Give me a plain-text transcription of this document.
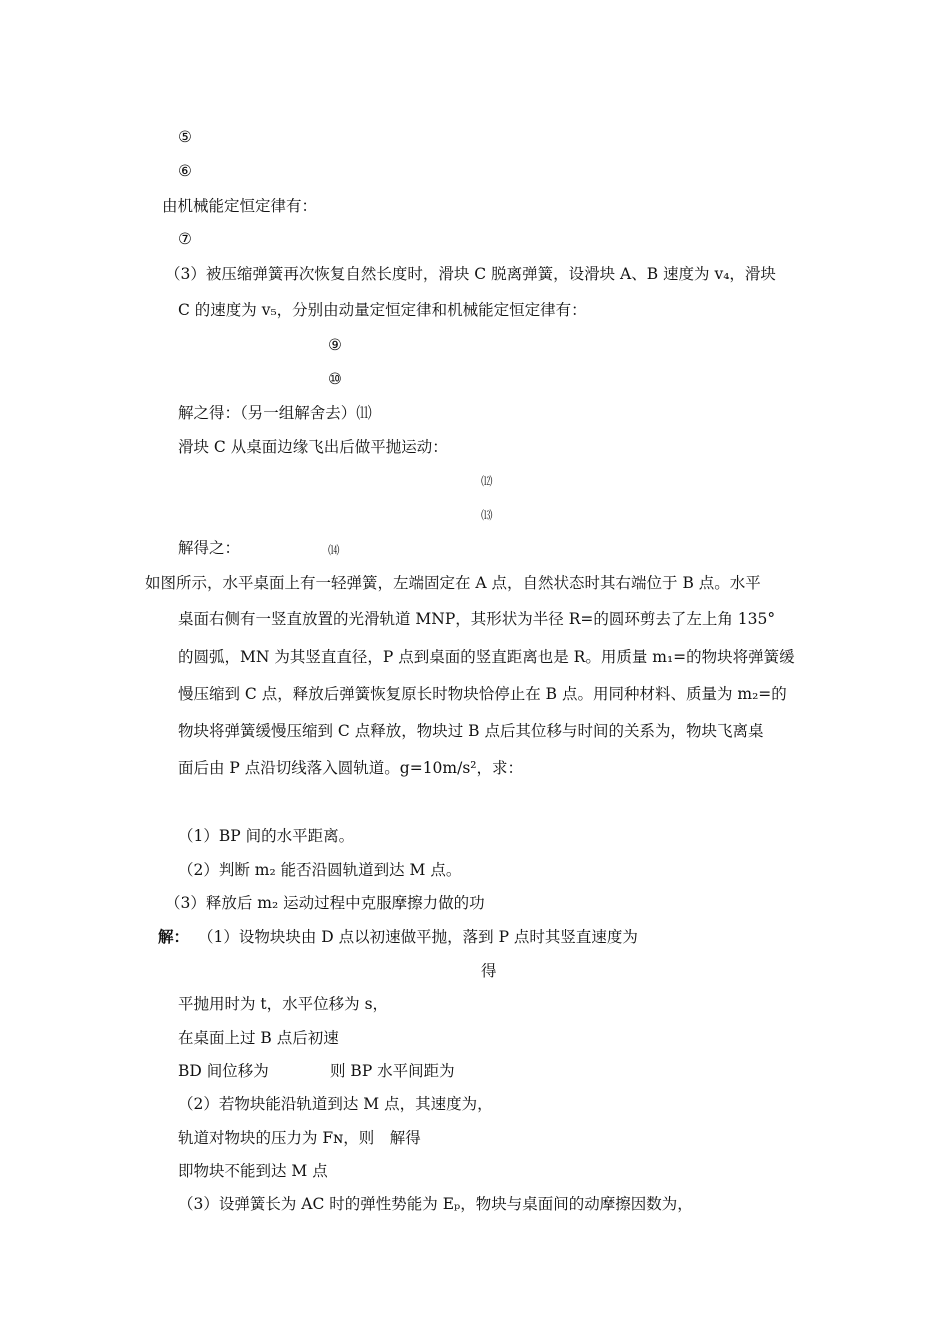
⑤
⑥
由机械能定恒定律有：
⑦
（3）被压缩弹簧再次恢复自然长度时，滑块 C 脱离弹簧，设滑块 A、B 速度为 v₄，滑块
C 的速度为 v₅，分别由动量定恒定律和机械能定恒定律有：
⑨
⑩
解之得：（另一组解舍去）⑾
滑块 C 从桌面边缘飞出后做平抛运动：
⑿
⒀
解得之：	⒁
如图所示，水平桌面上有一轻弹簧，左端固定在 A 点，自然状态时其右端位于 B 点。水平
桌面右侧有一竖直放置的光滑轨道 MNP，其形状为半径 R=的圆环剪去了左上角 135°
的圆弧，MN 为其竖直直径，P 点到桌面的竖直距离也是 R。用质量 m₁=的物块将弹簧缓
慢压缩到 C 点，释放后弹簧恢复原长时物块恰停止在 B 点。用同种材料、质量为 m₂=的
物块将弹簧缓慢压缩到 C 点释放，物块过 B 点后其位移与时间的关系为，物块飞离桌
面后由 P 点沿切线落入圆轨道。g=10m/s²，求：
（1）BP 间的水平距离。
（2）判断 m₂ 能否沿圆轨道到达 M 点。
（3）释放后 m₂ 运动过程中克服摩擦力做的功
解： （1）设物块块由 D 点以初速做平抛，落到 P 点时其竖直速度为
得
平抛用时为 t，水平位移为 s，
在桌面上过 B 点后初速
BD 间位移为	则 BP 水平间距为
（2）若物块能沿轨道到达 M 点，其速度为，
轨道对物块的压力为 Fɴ，则　解得
即物块不能到达 M 点
（3）设弹簧长为 AC 时的弹性势能为 Eₚ，物块与桌面间的动摩擦因数为，
